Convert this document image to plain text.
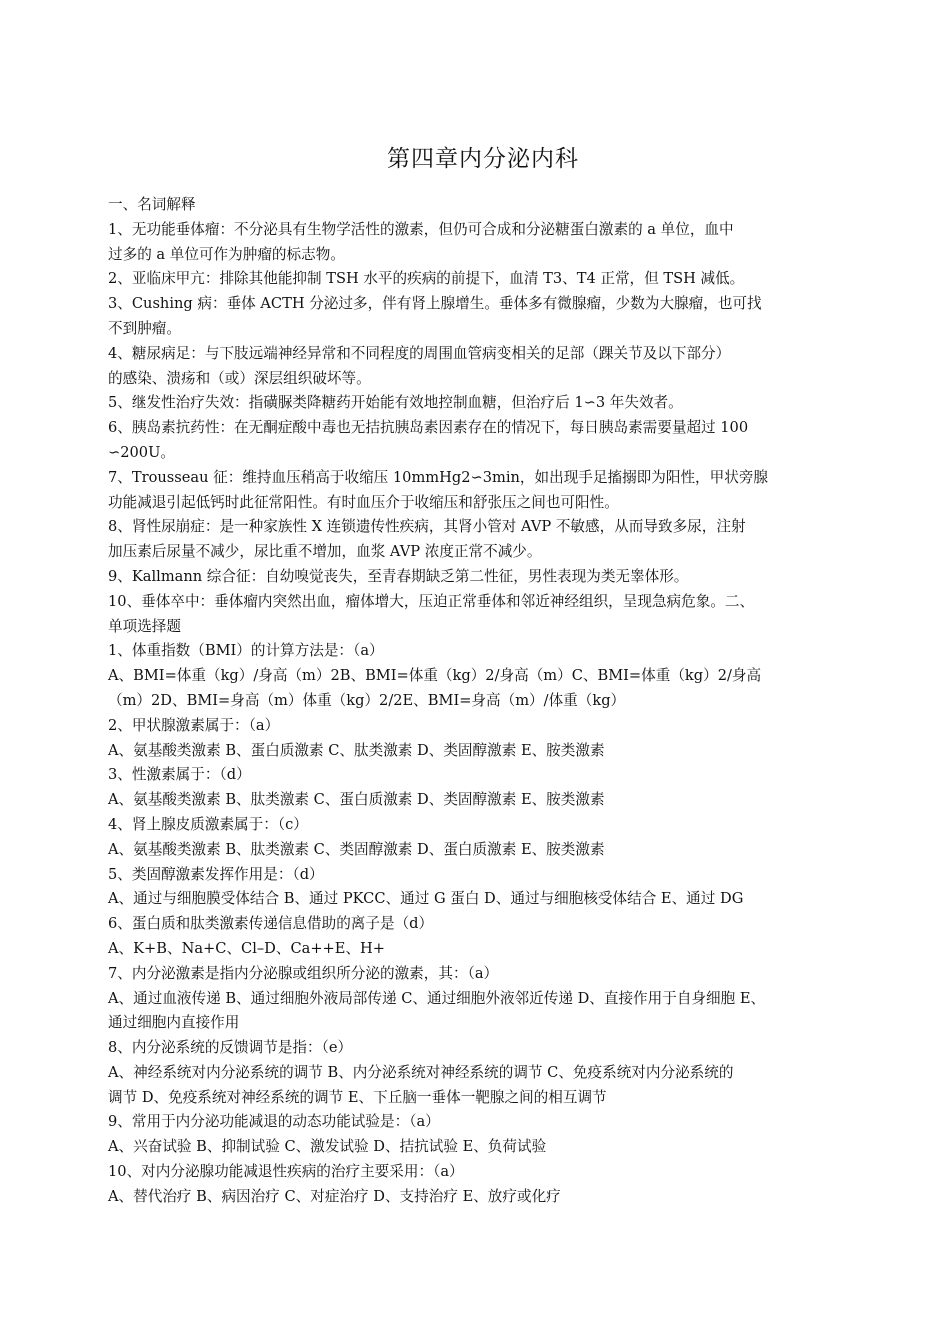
第四章内分泌内科
一、名词解释
1、无功能垂体瘤：不分泌具有生物学活性的激素，但仍可合成和分泌糖蛋白激素的 a 单位，血中
过多的 a 单位可作为肿瘤的标志物。
2、亚临床甲亢：排除其他能抑制 TSH 水平的疾病的前提下，血清 T3、T4 正常，但 TSH 减低。
3、Cushing 病：垂体 ACTH 分泌过多，伴有肾上腺增生。垂体多有微腺瘤，少数为大腺瘤，也可找
不到肿瘤。
4、糖尿病足：与下肢远端神经异常和不同程度的周围血管病变相关的足部（踝关节及以下部分）
的感染、溃疡和（或）深层组织破坏等。
5、继发性治疗失效：指磺脲类降糖药开始能有效地控制血糖，但治疗后 1∽3 年失效者。
6、胰岛素抗药性：在无酮症酸中毒也无拮抗胰岛素因素存在的情况下，每日胰岛素需要量超过 100
∽200U。
7、Trousseau 征：维持血压稍高于收缩压 10mmHg2∽3min，如出现手足搐搦即为阳性，甲状旁腺
功能减退引起低钙时此征常阳性。有时血压介于收缩压和舒张压之间也可阳性。
8、肾性尿崩症：是一种家族性 X 连锁遗传性疾病，其肾小管对 AVP 不敏感，从而导致多尿，注射
加压素后尿量不减少，尿比重不增加，血浆 AVP 浓度正常不减少。
9、Kallmann 综合征：自幼嗅觉丧失，至青春期缺乏第二性征，男性表现为类无睾体形。
10、垂体卒中：垂体瘤内突然出血，瘤体增大，压迫正常垂体和邻近神经组织，呈现急病危象。二、
单项选择题
1、体重指数（BMI）的计算方法是：（a）
A、BMI=体重（kg）/身高（m）2B、BMI=体重（kg）2/身高（m）C、BMI=体重（kg）2/身高
（m）2D、BMI=身高（m）体重（kg）2/2E、BMI=身高（m）/体重（kg）
2、甲状腺激素属于：（a）
A、氨基酸类激素 B、蛋白质激素 C、肽类激素 D、类固醇激素 E、胺类激素
3、性激素属于：（d）
A、氨基酸类激素 B、肽类激素 C、蛋白质激素 D、类固醇激素 E、胺类激素
4、肾上腺皮质激素属于：（c）
A、氨基酸类激素 B、肽类激素 C、类固醇激素 D、蛋白质激素 E、胺类激素
5、类固醇激素发挥作用是：（d）
A、通过与细胞膜受体结合 B、通过 PKCC、通过 G 蛋白 D、通过与细胞核受体结合 E、通过 DG
6、蛋白质和肽类激素传递信息借助的离子是（d）
A、K+B、Na+C、Cl–D、Ca++E、H+
7、内分泌激素是指内分泌腺或组织所分泌的激素，其：（a）
A、通过血液传递 B、通过细胞外液局部传递 C、通过细胞外液邻近传递 D、直接作用于自身细胞 E、
通过细胞内直接作用
8、内分泌系统的反馈调节是指：（e）
A、神经系统对内分泌系统的调节 B、内分泌系统对神经系统的调节 C、免疫系统对内分泌系统的
调节 D、免疫系统对神经系统的调节 E、下丘脑一垂体一靶腺之间的相互调节
9、常用于内分泌功能减退的动态功能试验是：（a）
A、兴奋试验 B、抑制试验 C、激发试验 D、拮抗试验 E、负荷试验
10、对内分泌腺功能减退性疾病的治疗主要采用：（a）
A、替代治疗 B、病因治疗 C、对症治疗 D、支持治疗 E、放疗或化疗
